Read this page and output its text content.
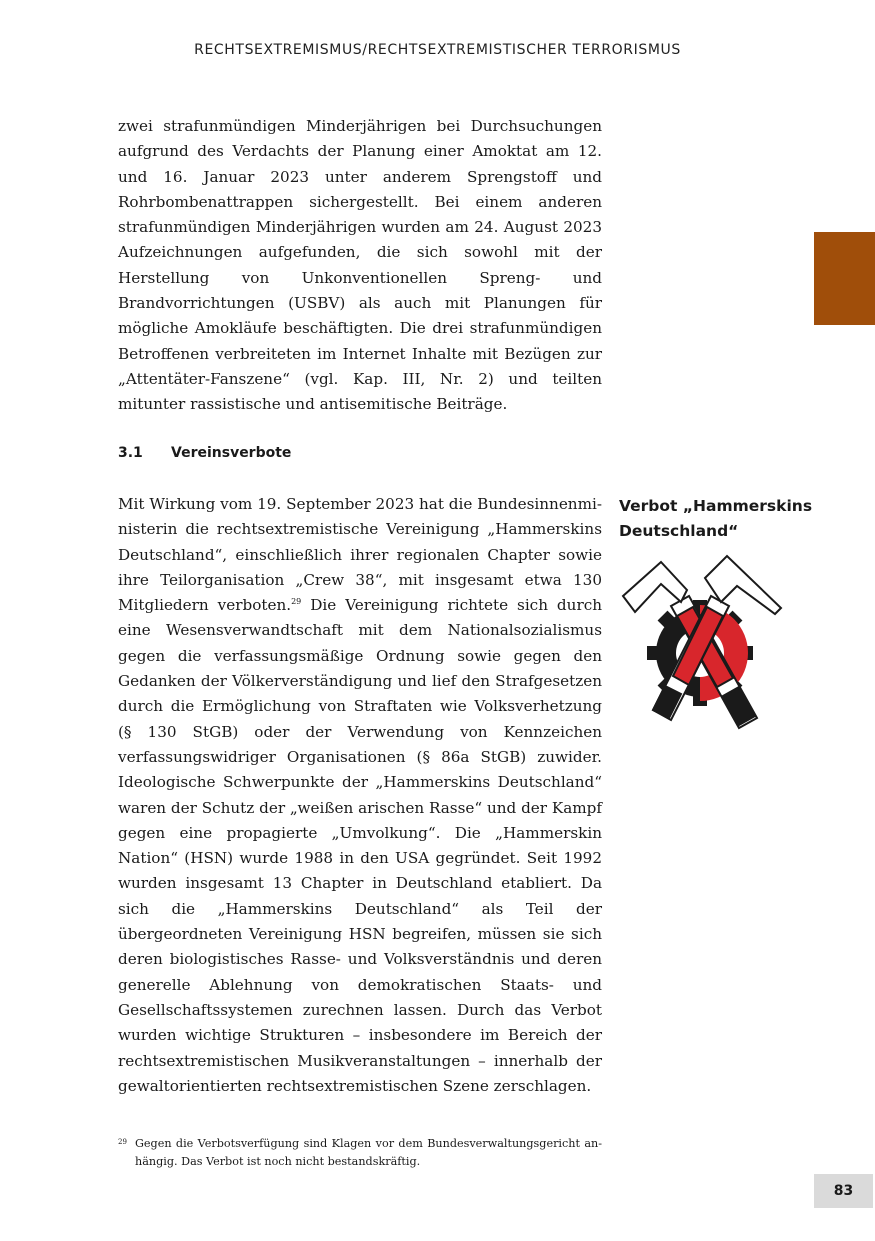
RECHTSEXTREMISMUS/RECHTSEXTREMISTISCHER TERRORISMUS

zwei strafunmündigen Minderjährigen bei Durchsuchungen aufgrund des Verdachts der Planung einer Amoktat am 12. und 16. Januar 2023 unter anderem Sprengstoff und Rohrbombenattrappen sichergestellt. Bei einem anderen strafunmündigen Minderjährigen wurden am 24. August 2023 Aufzeichnungen aufgefunden, die sich sowohl mit der Herstellung von Unkonventionellen Spreng- und Brandvorrichtungen (USBV) als auch mit Planungen für mögliche Amokläufe beschäftigten. Die drei strafunmündigen Betroffenen verbreiteten im Internet Inhalte mit Bezügen zur „Attentäter-Fanszene“ (vgl. Kap. III, Nr. 2) und teilten mitunter rassistische und antisemitische Beiträge.

3.1 Vereinsverbote

Mit Wirkung vom 19. September 2023 hat die Bundesinnenministerin die rechtsextremistische Vereinigung „Hammerskins Deutschland“, einschließlich ihrer regionalen Chapter sowie ihre Teilorganisation „Crew 38“, mit insgesamt etwa 130 Mitgliedern verboten.$^{29}$ Die Vereinigung richtete sich durch eine Wesensverwandtschaft mit dem Nationalsozialismus gegen die verfassungsmäßige Ordnung sowie gegen den Gedanken der Völkerverständigung und lief den Strafgesetzen durch die Ermöglichung von Straftaten wie Volksverhetzung (§ 130 StGB) oder der Verwendung von Kennzeichen verfassungswidriger Organisationen (§ 86a StGB) zuwider. Ideologische Schwerpunkte der „Hammerskins Deutschland“ waren der Schutz der „weißen arischen Rasse“ und der Kampf gegen eine propagierte „Umvolkung“. Die „Hammerskin Nation“ (HSN) wurde 1988 in den USA gegründet. Seit 1992 wurden insgesamt 13 Chapter in Deutschland etabliert. Da sich die „Hammerskins Deutschland“ als Teil der übergeordneten Vereinigung HSN begreifen, müssen sie sich deren biologistisches Rasse- und Volksverständnis und deren generelle Ablehnung von demokratischen Staats- und Gesellschaftssystemen zurechnen lassen. Durch das Verbot wurden wichtige Strukturen – insbesondere im Bereich der rechtsextremistischen Musikveranstaltungen – innerhalb der gewaltorientierten rechtsextremistischen Szene zerschlagen.

Verbot „Hammerskins Deutschland“
29 Gegen die Verbotsverfügung sind Klagen vor dem Bundesverwaltungsgericht anhängig. Das Verbot ist noch nicht bestandskräftig.
83
